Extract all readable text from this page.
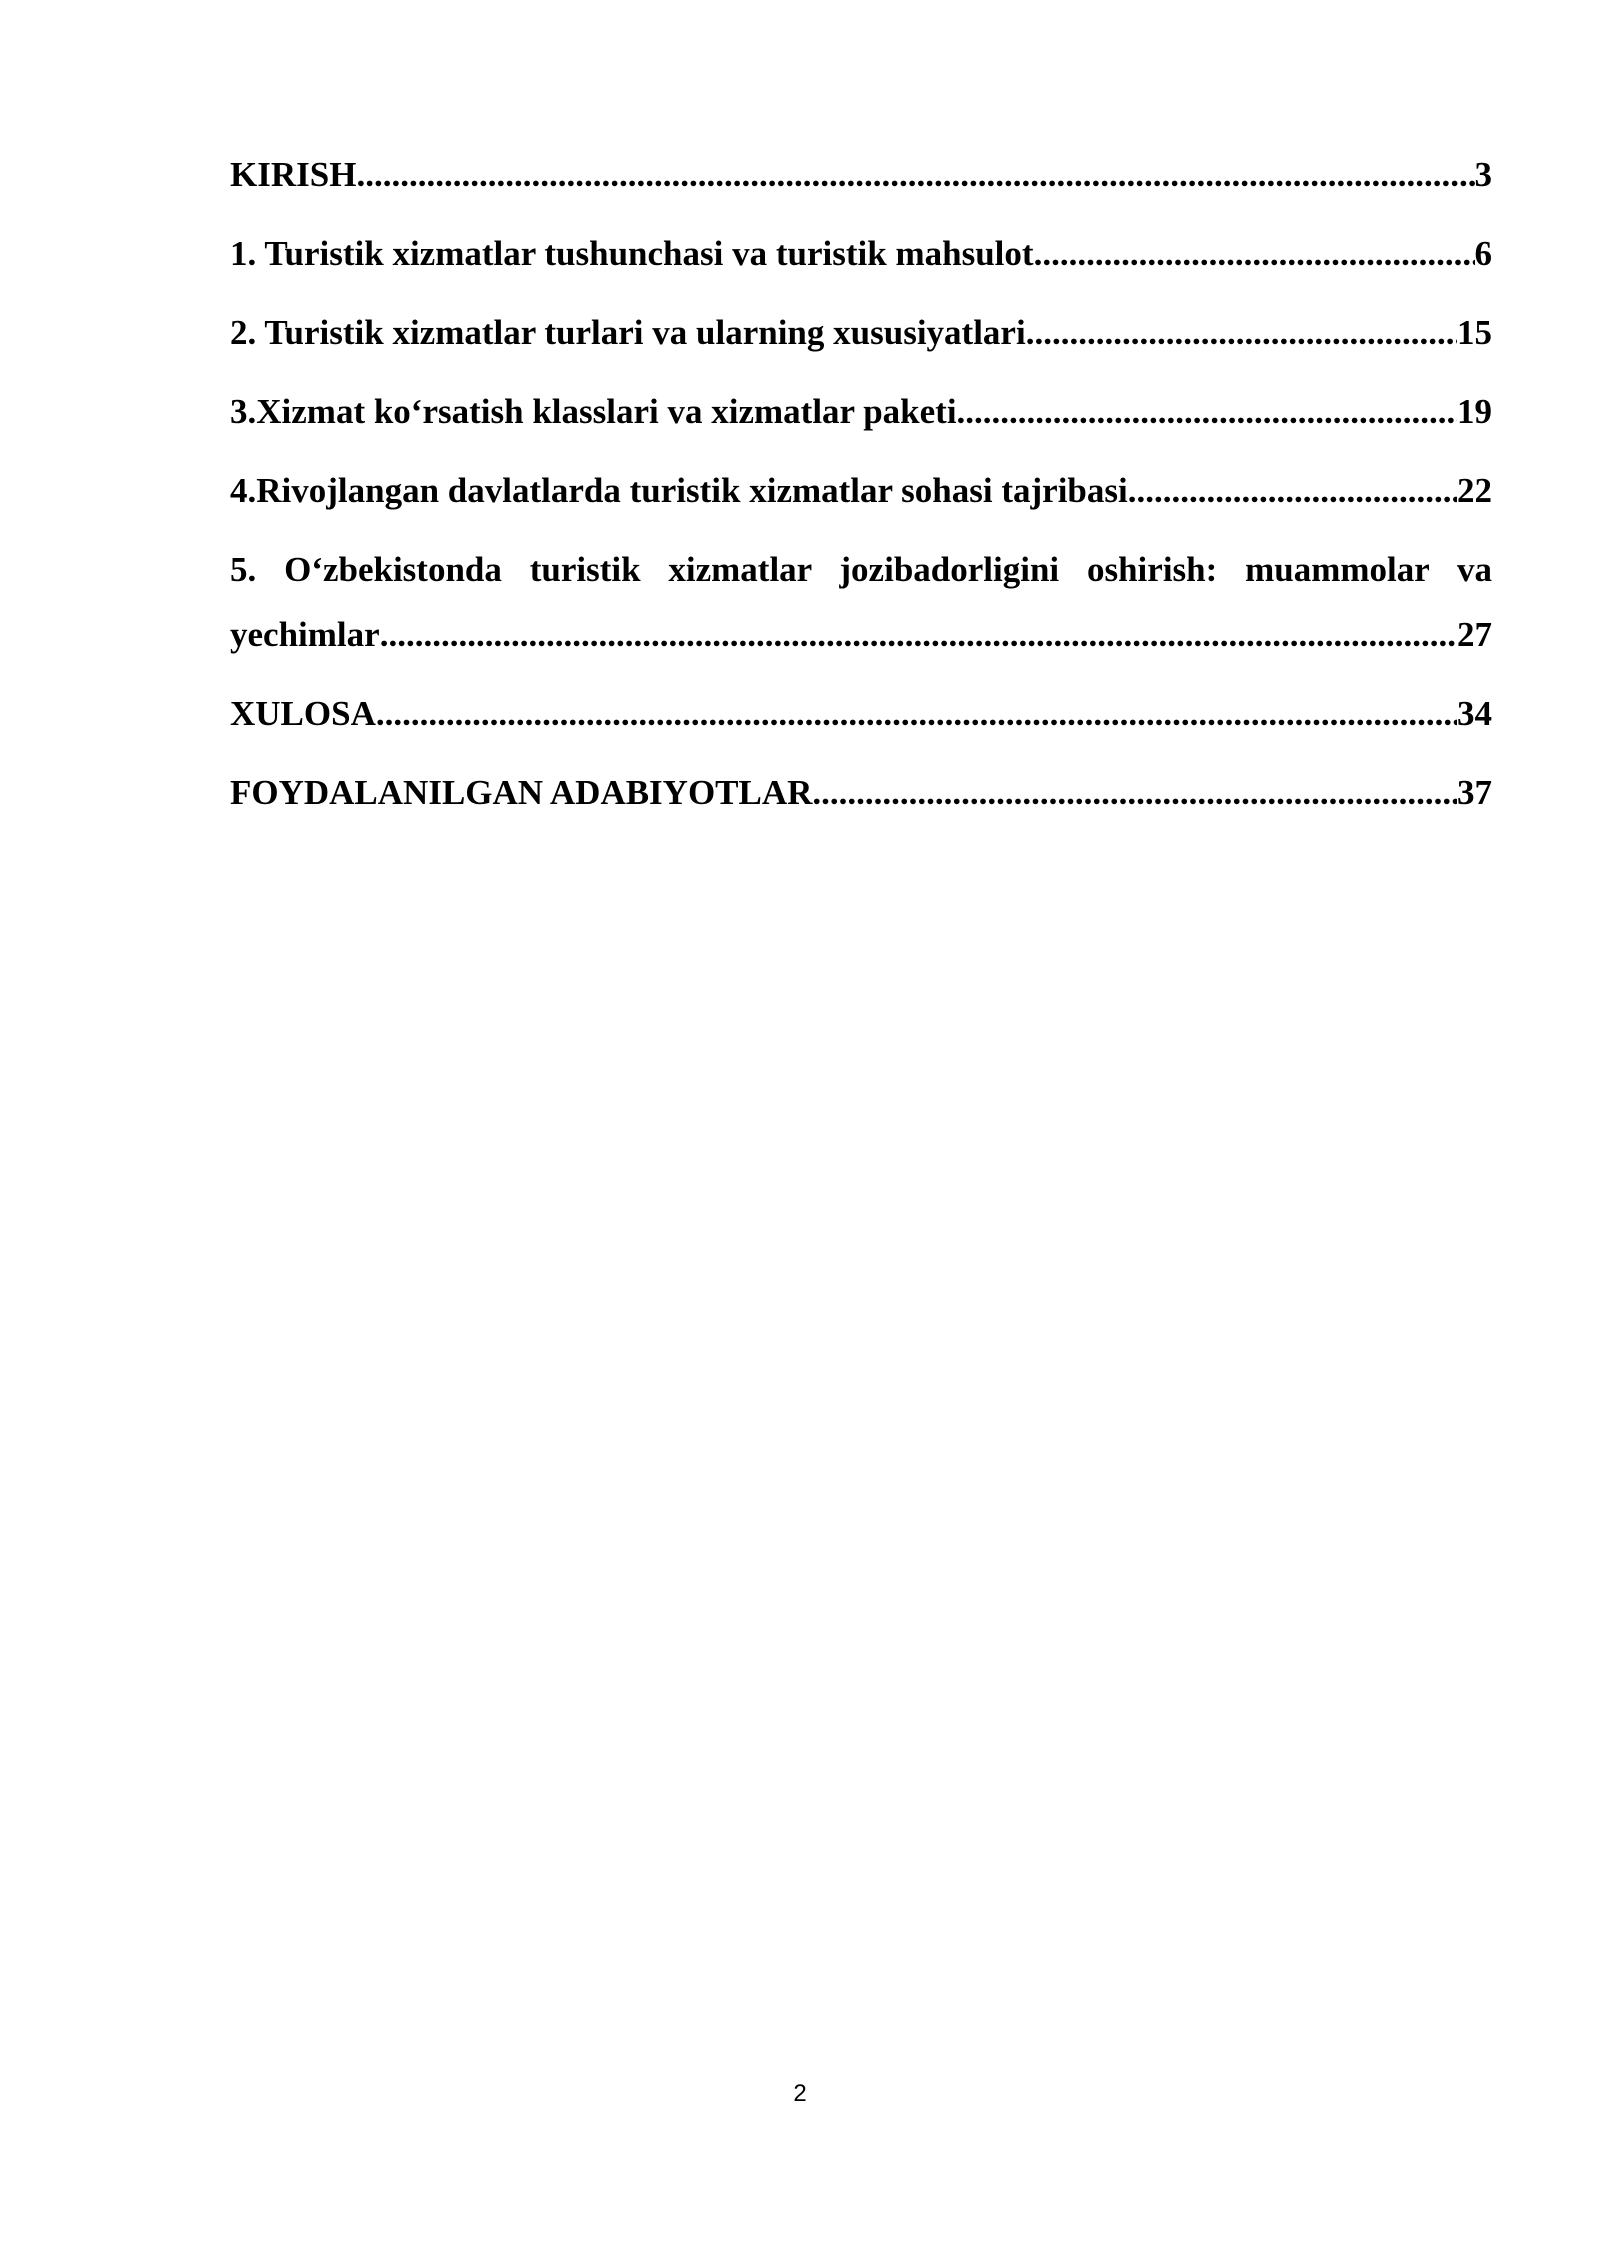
KIRISH .....	3
1. Turistik xizmatlar tushunchasi va turistik mahsulot .....	6
2. Turistik xizmatlar turlari va ularning xususiyatlari .....	15
3.Xizmat ko‘rsatish klasslari va xizmatlar paketi .....	19
4.Rivojlangan davlatlarda turistik xizmatlar sohasi tajribasi .....	22
5. O‘zbekistonda turistik xizmatlar jozibadorligini oshirish: muammolar va
yechimlar .....	27
XULOSA .....	34
FOYDALANILGAN ADABIYOTLAR .....	37
2
